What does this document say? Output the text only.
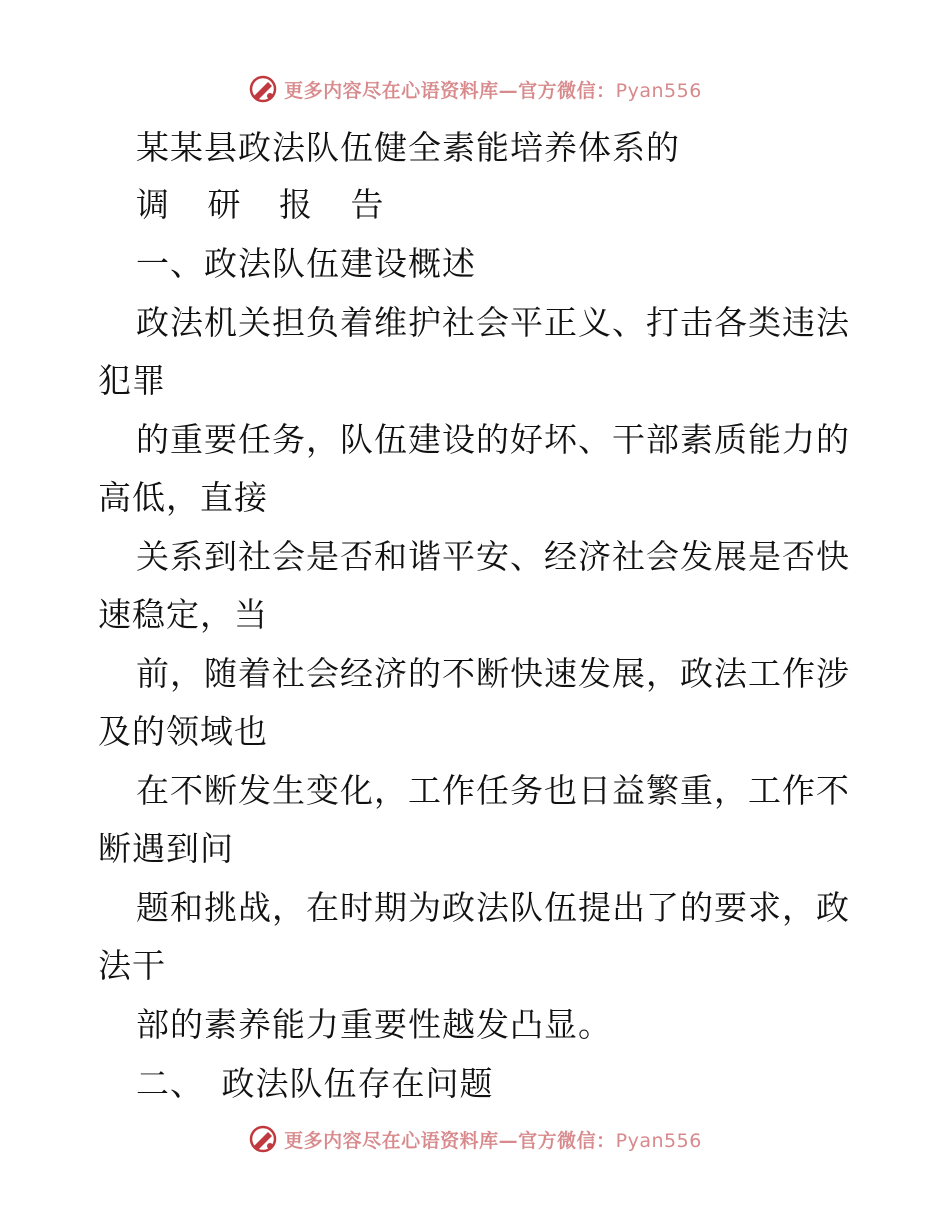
更多内容尽在心语资料库—官方微信：Pyan556
某某县政法队伍健全素能培养体系的
调 研 报 告
一、政法队伍建设概述
政法机关担负着维护社会平正义、打击各类违法
犯罪
的重要任务，队伍建设的好坏、干部素质能力的
高低，直接
关系到社会是否和谐平安、经济社会发展是否快
速稳定，当
前，随着社会经济的不断快速发展，政法工作涉
及的领域也
在不断发生变化，工作任务也日益繁重，工作不
断遇到问
题和挑战，在时期为政法队伍提出了的要求，政
法干
部的素养能力重要性越发凸显。
二、　政法队伍存在问题
更多内容尽在心语资料库—官方微信：Pyan556
